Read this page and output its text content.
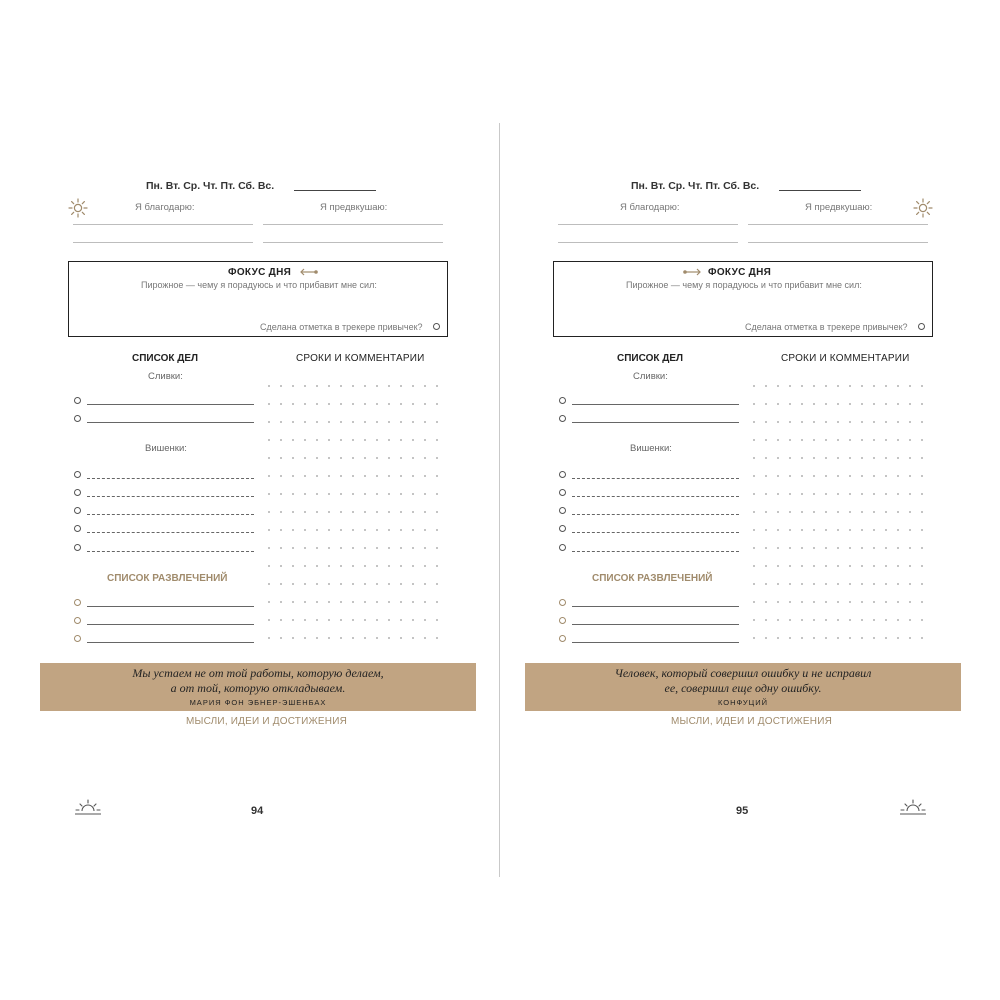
Пн. Вт. Ср. Чт. Пт. Сб. Вс.
Я благодарю:	Я предвкушаю:
ФОКУС ДНЯ
Пирожное — чему я порадуюсь и что прибавит мне сил:
Сделана отметка в трекере привычек?
СПИСОК ДЕЛ	СРОКИ И КОММЕНТАРИИ
Сливки:
Вишенки:
СПИСОК РАЗВЛЕЧЕНИЙ
Мы устаем не от той работы, которую делаем,
а от той, которую откладываем.
МАРИЯ ФОН ЭБНЕР-ЭШЕНБАХ
МЫСЛИ, ИДЕИ И ДОСТИЖЕНИЯ
94
Пн. Вт. Ср. Чт. Пт. Сб. Вс.
Я благодарю:	Я предвкушаю:
ФОКУС ДНЯ
Пирожное — чему я порадуюсь и что прибавит мне сил:
Сделана отметка в трекере привычек?
СПИСОК ДЕЛ	СРОКИ И КОММЕНТАРИИ
Сливки:
Вишенки:
СПИСОК РАЗВЛЕЧЕНИЙ
Человек, который совершил ошибку и не исправил
ее, совершил еще одну ошибку.
КОНФУЦИЙ
МЫСЛИ, ИДЕИ И ДОСТИЖЕНИЯ
95
